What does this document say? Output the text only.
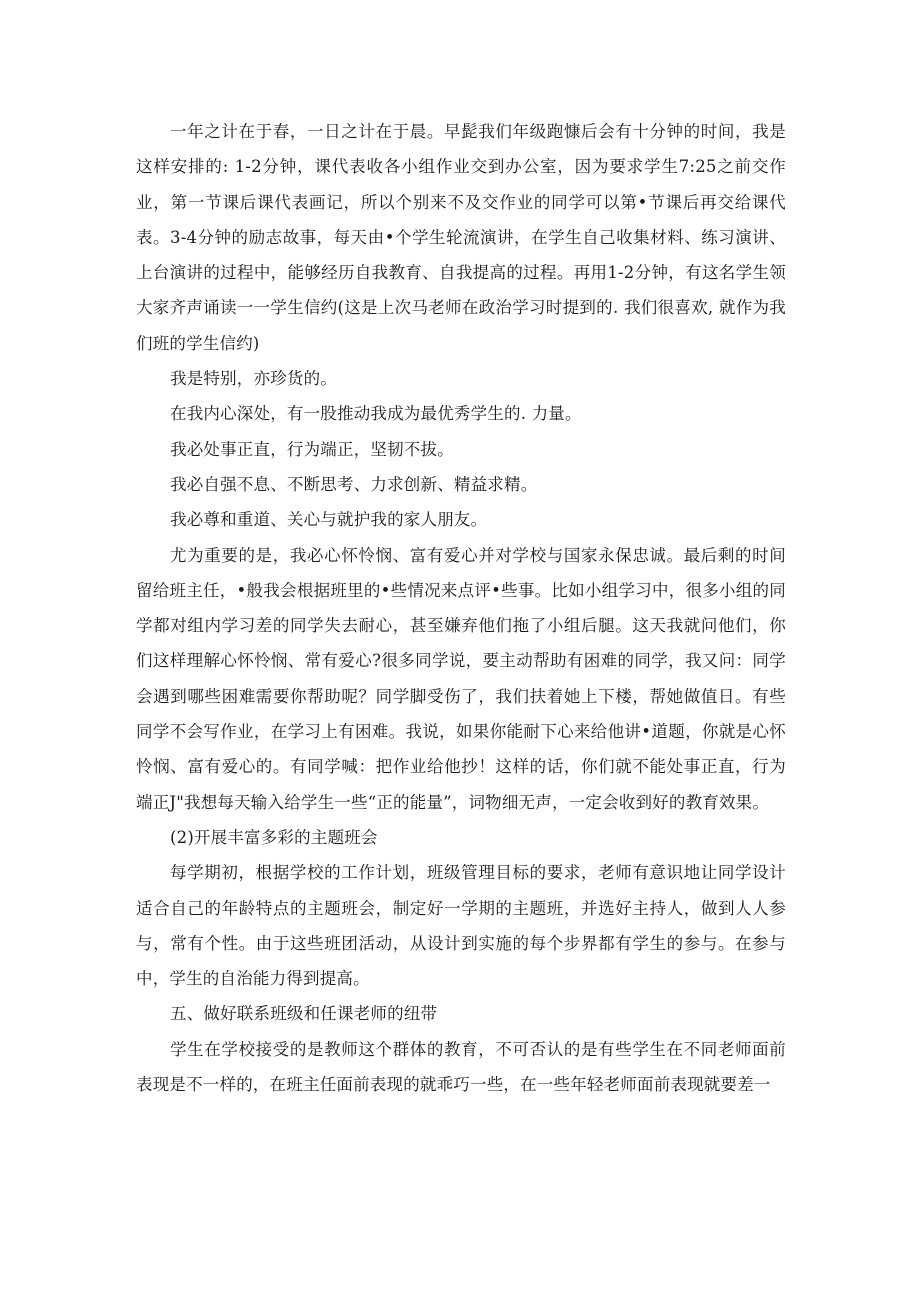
一年之计在于春，一日之计在于晨。早髭我们年级跑慷后会有十分钟的时间，我是这样安排的: 1-2分钟，课代表收各小组作业交到办公室，因为要求学生7:25之前交作业，第一节课后课代表画记，所以个别来不及交作业的同学可以第•节课后再交给课代表。3-4分钟的励志故事，每天由•个学生轮流演讲，在学生自己收集材料、练习演讲、上台演讲的过程中，能够经历自我教育、自我提高的过程。再用1-2分钟，有这名学生领大家齐声诵读一一学生信约(这是上次马老师在政治学习时提到的. 我们很喜欢, 就作为我们班的学生信约)

我是特别，亦珍货的。

在我内心深处，有一股推动我成为最优秀学生的. 力量。

我必处事正直，行为端正，坚韧不拔。

我必自强不息、不断思考、力求创新、精益求精。

我必尊和重道、关心与就护我的家人朋友。

尤为重要的是，我必心怀怜悯、富有爱心并对学校与国家永保忠诚。最后剩的时间留给班主任，•般我会根据班里的•些情况来点评•些事。比如小组学习中，很多小组的同学都对组内学习差的同学失去耐心，甚至嫌弃他们拖了小组后腿。这天我就问他们，你们这样理解心怀怜悯、常有爱心?很多同学说，要主动帮助有困难的同学，我又问：同学会遇到哪些困难需要你帮助呢？同学脚受伤了，我们扶着她上下楼，帮她做值日。有些同学不会写作业，在学习上有困难。我说，如果你能耐下心来给他讲•道题，你就是心怀怜悯、富有爱心的。有同学喊：把作业给他抄！这样的话，你们就不能处事正直，行为端正J"我想每天输入给学生一些“正的能量”，词物细无声，一定会收到好的教育效果。

(2)开展丰富多彩的主题班会

每学期初，根据学校的工作计划，班级管理目标的要求，老师有意识地让同学设计适合自己的年龄特点的主题班会，制定好一学期的主题班，并选好主持人，做到人人参与，常有个性。由于这些班团活动，从设计到实施的每个步界都有学生的参与。在参与中，学生的自治能力得到提高。

五、做好联系班级和任课老师的纽带

学生在学校接受的是教师这个群体的教育，不可否认的是有些学生在不同老师面前表现是不一样的，在班主任面前表现的就乖巧一些，在一些年轻老师面前表现就要差一
